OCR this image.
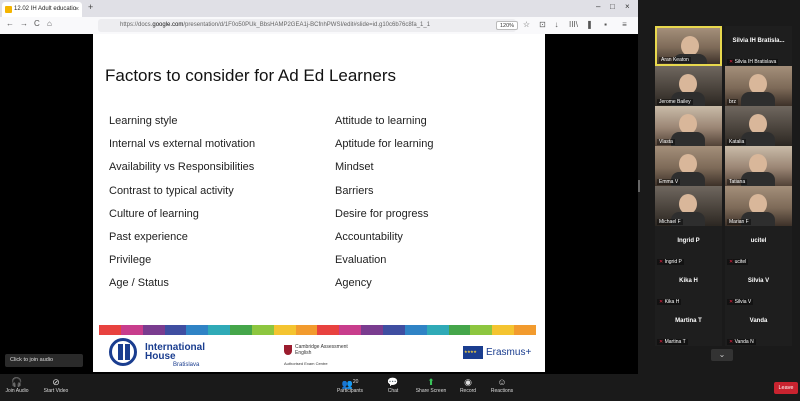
12.02 IH Adult educatio
× +	– □ ×
← → C ⌂	https://docs.google.com/presentation/d/1F0o50PUk_BbsHAMP2GEA1j-BCfnhPWSI/edit#slide=id.g10c6b76c8fa_1_1	120%	☆ ⊡	↓	III\ ❚	▪	≡
Factors to consider for Ad Ed Learners
Learning style
Internal vs external motivation
Availability vs Responsibilities
Contrast to typical activity
Culture of learning
Past experience
Privilege
Age / Status
Attitude to learning
Aptitude for learning
Mindset
Barriers
Desire for progress
Accountability
Evaluation
Agency
International
House
Bratislava
Cambridge Assessment
English
Authorised Exam Centre
★★★★
Erasmus+
Aran Keaton
Silvia IH Bratisla...
✕ Silvia IH Bratislava
Jerome Bailey	brz
Vlasta	Katalia
Emma V	Tatiana
Michael F	Marian F
Ingrid P
✕ Ingrid P
ucitel
✕ ucitel
Kika H
✕ Kika H
Silvia V
✕ Silvia V
Martina T
✕ Martina T
Vanda
✕ Vanda N
⌄
Click to join audio
🎧
Join Audio
⊘
Start Video
👥$^{20}$
Participants
💬
Chat
⬆
Share Screen
◉
Record
☺
Reactions	Leave
